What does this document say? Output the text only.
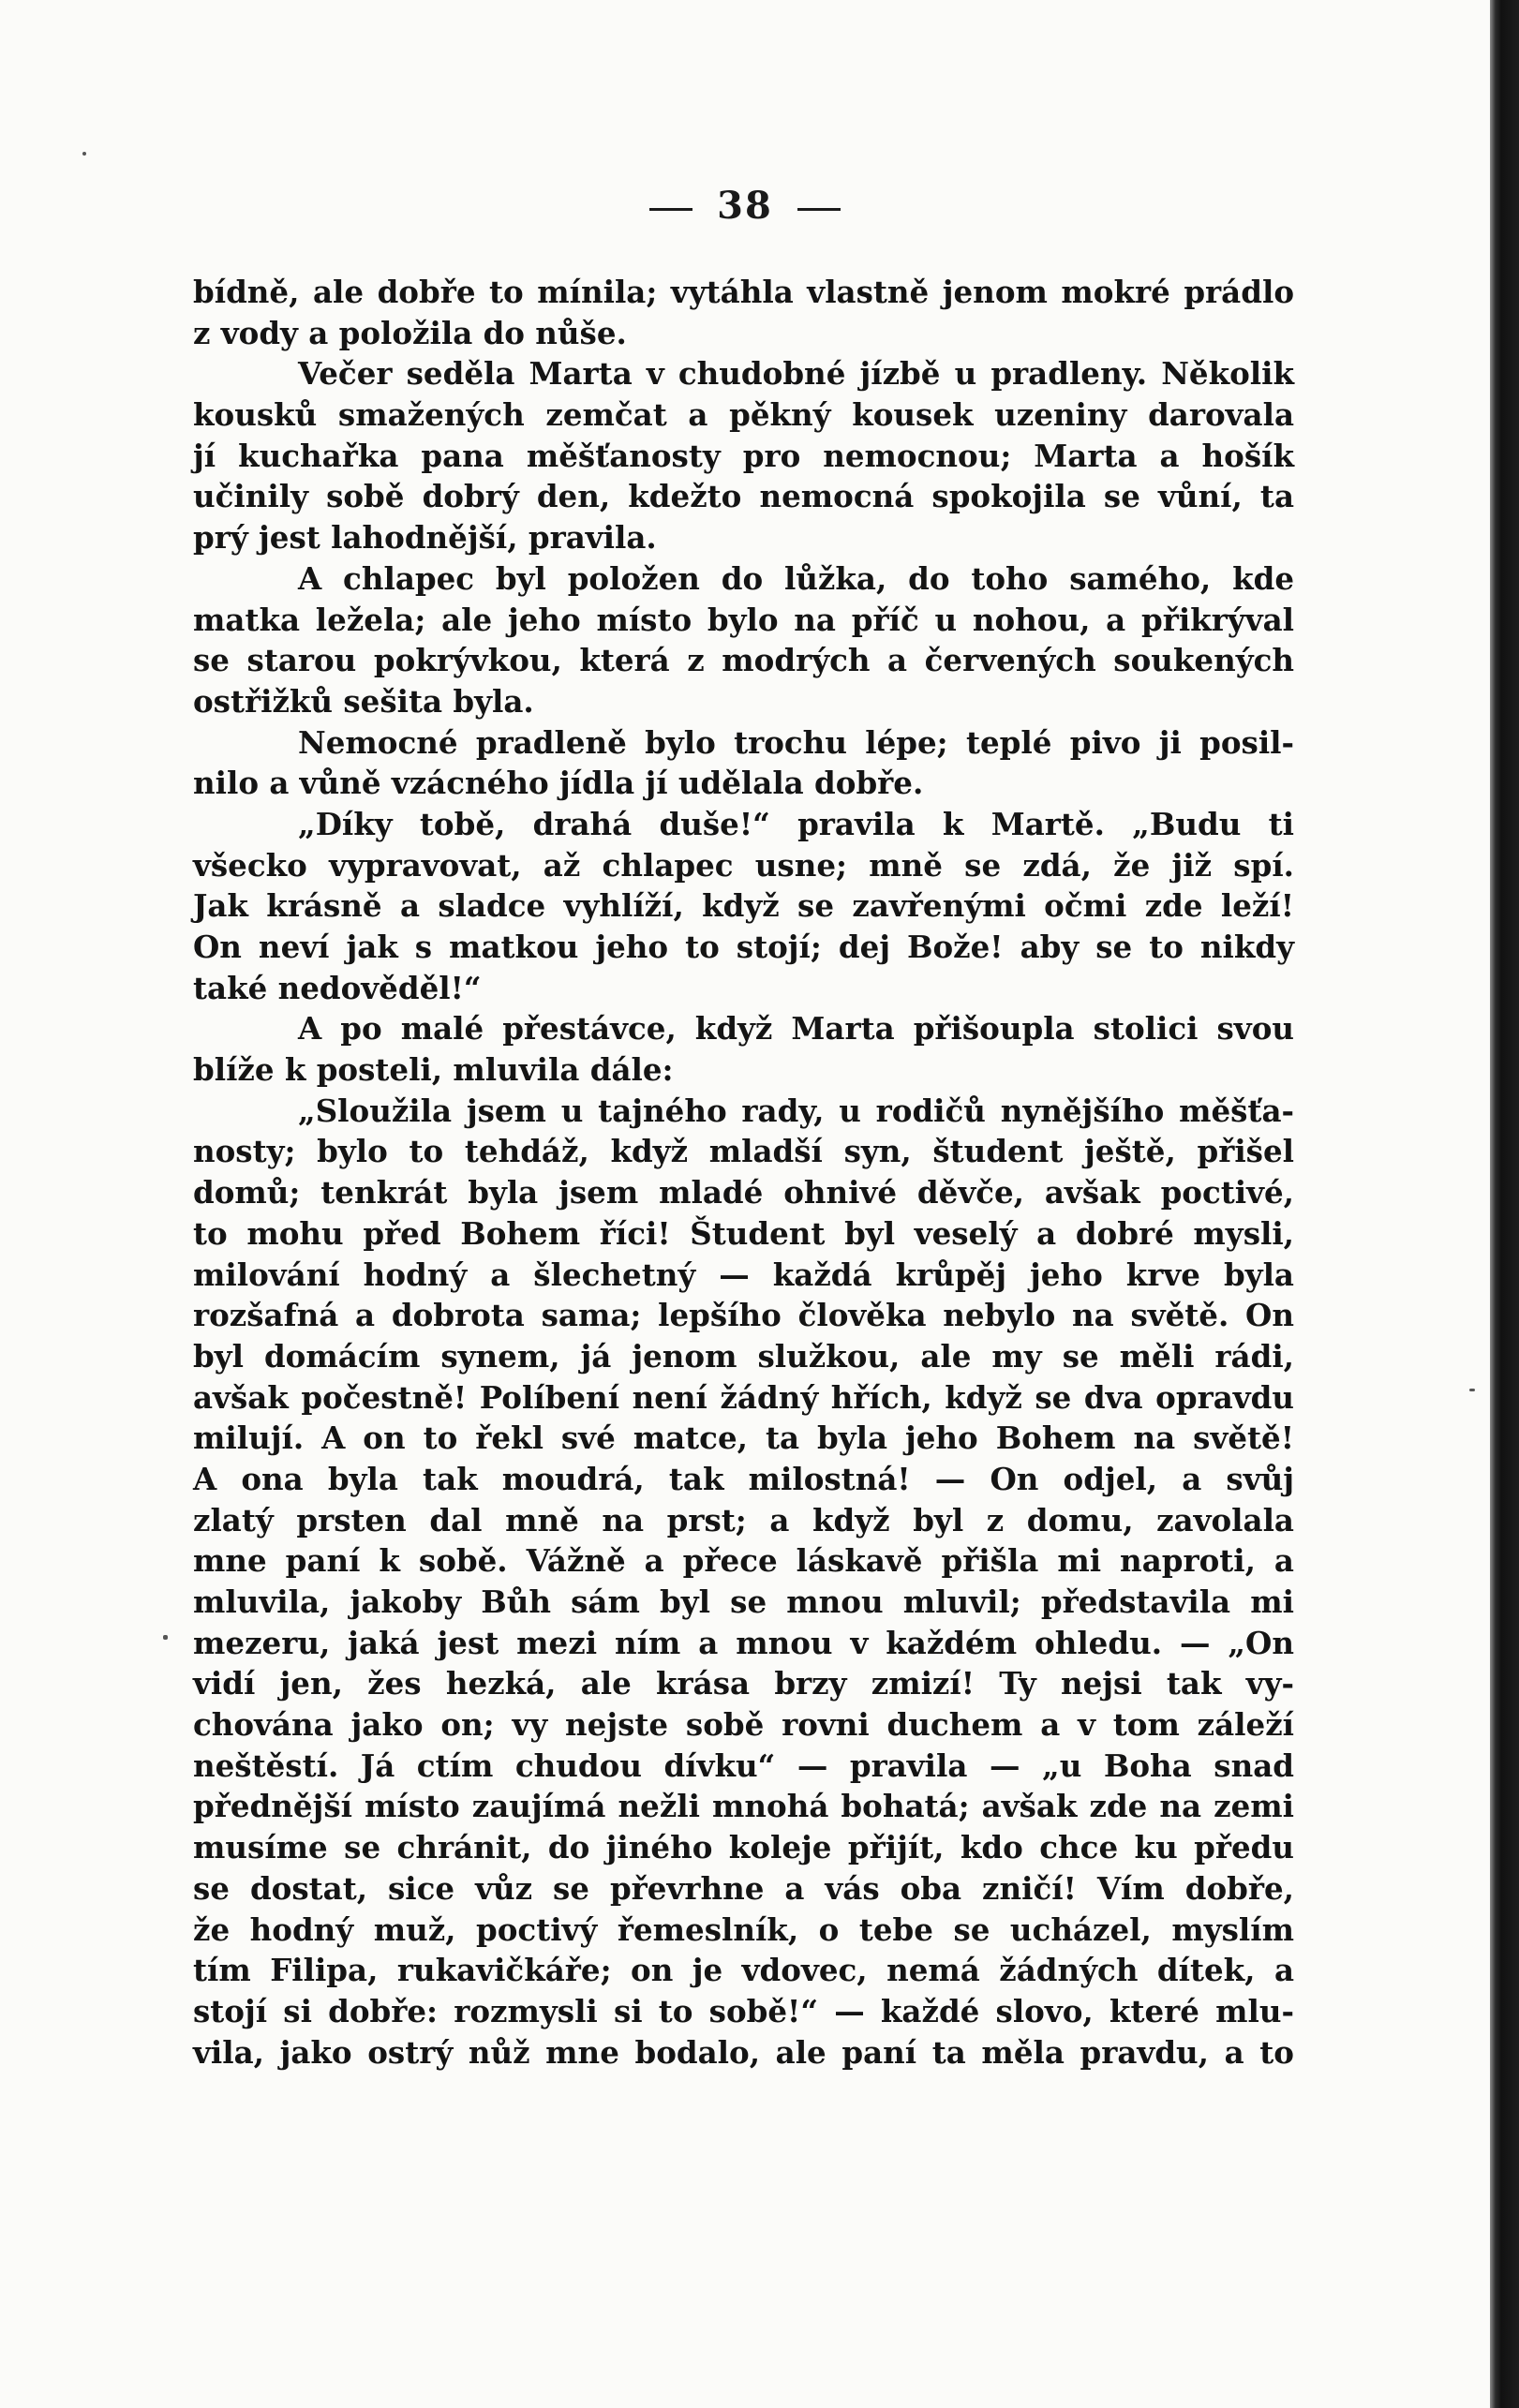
38
bídně, ale dobře to mínila; vytáhla vlastně jenom mokré prádlo
z vody a položila do nůše.
Večer seděla Marta v chudobné jízbě u pradleny. Několik
kousků smažených zemčat a pěkný kousek uzeniny darovala
jí kuchařka pana měšťanosty pro nemocnou; Marta a hošík
učinily sobě dobrý den, kdežto nemocná spokojila se vůní, ta
prý jest lahodnější, pravila.
A chlapec byl položen do lůžka, do toho samého, kde
matka ležela; ale jeho místo bylo na příč u nohou, a přikrýval
se starou pokrývkou, která z modrých a červených soukených
ostřižků sešita byla.
Nemocné pradleně bylo trochu lépe; teplé pivo ji posil-
nilo a vůně vzácného jídla jí udělala dobře.
„Díky tobě, drahá duše!“ pravila k Martě. „Budu ti
všecko vypravovat, až chlapec usne; mně se zdá, že již spí.
Jak krásně a sladce vyhlíží, když se zavřenými očmi zde leží!
On neví jak s matkou jeho to stojí; dej Bože! aby se to nikdy
také nedověděl!“
A po malé přestávce, když Marta přišoupla stolici svou
blíže k posteli, mluvila dále:
„Sloužila jsem u tajného rady, u rodičů nynějšího měšťa-
nosty; bylo to tehdáž, když mladší syn, študent ještě, přišel
domů; tenkrát byla jsem mladé ohnivé děvče, avšak poctivé,
to mohu před Bohem říci! Študent byl veselý a dobré mysli,
milování hodný a šlechetný — každá krůpěj jeho krve byla
rozšafná a dobrota sama; lepšího člověka nebylo na světě. On
byl domácím synem, já jenom služkou, ale my se měli rádi,
avšak počestně! Políbení není žádný hřích, když se dva opravdu
milují. A on to řekl své matce, ta byla jeho Bohem na světě!
A ona byla tak moudrá, tak milostná! — On odjel, a svůj
zlatý prsten dal mně na prst; a když byl z domu, zavolala
mne paní k sobě. Vážně a přece láskavě přišla mi naproti, a
mluvila, jakoby Bůh sám byl se mnou mluvil; představila mi
mezeru, jaká jest mezi ním a mnou v každém ohledu. — „On
vidí jen, žes hezká, ale krása brzy zmizí! Ty nejsi tak vy-
chována jako on; vy nejste sobě rovni duchem a v tom záleží
neštěstí. Já ctím chudou dívku“ — pravila — „u Boha snad
přednější místo zaujímá nežli mnohá bohatá; avšak zde na zemi
musíme se chránit, do jiného koleje přijít, kdo chce ku předu
se dostat, sice vůz se převrhne a vás oba zničí! Vím dobře,
že hodný muž, poctivý řemeslník, o tebe se ucházel, myslím
tím Filipa, rukavičkáře; on je vdovec, nemá žádných dítek, a
stojí si dobře: rozmysli si to sobě!“ — každé slovo, které mlu-
vila, jako ostrý nůž mne bodalo, ale paní ta měla pravdu, a to
